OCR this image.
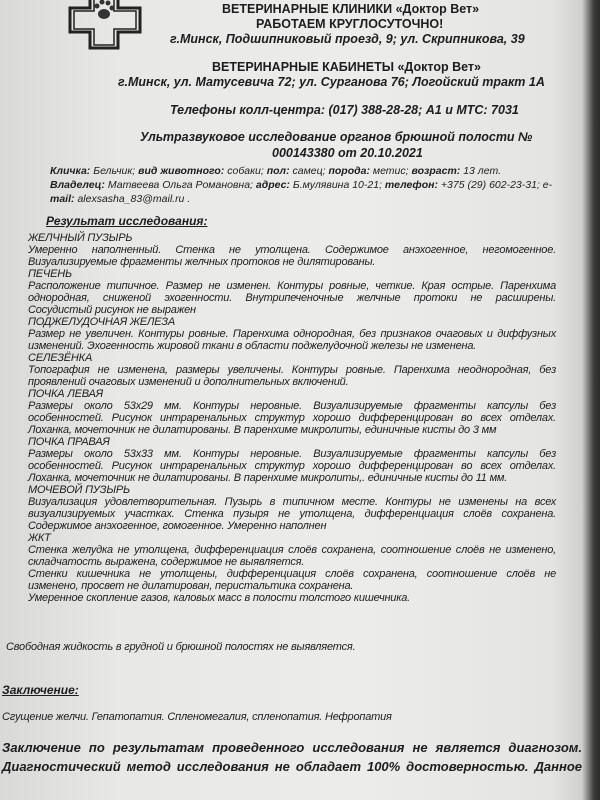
ВЕТЕРИНАРНЫЕ КЛИНИКИ «Доктор Вет»
РАБОТАЕМ КРУГЛОСУТОЧНО!
г.Минск, Подшипниковый проезд, 9; ул. Скрипникова, 39
ВЕТЕРИНАРНЫЕ КАБИНЕТЫ «Доктор Вет»
г.Минск, ул. Матусевича 72; ул. Сурганова 76; Логойский тракт 1А
Телефоны колл-центра: (017) 388-28-28; А1 и МТС: 7031
Ультразвуковое исследование органов брюшной полости №
000143380 от 20.10.2021
Кличка: Бельчик; вид животного: собаки; пол: самец; порода: метис; возраст: 13 лет.
Владелец: Матвеева Ольга Романовна; адрес: Б.мулявина 10-21; телефон: +375 (29) 602-23-31; e-
mail: alexsasha_83@mail.ru .
Результат исследования:
ЖЕЛЧНЫЙ ПУЗЫРЬ
Умеренно наполненный. Стенка не утолщена. Содержимое анэхогенное, негомогенное.
Визуализируемые фрагменты желчных протоков не дилятированы.
ПЕЧЕНЬ
Расположение типичное. Размер не изменен. Контуры ровные, четкие. Края острые. Паренхима
однородная, сниженой эхогенности. Внутрипеченочные желчные протоки не расширены.
Сосудистый рисунок не выражен
ПОДЖЕЛУДОЧНАЯ ЖЕЛЕЗА
Размер не увеличен. Контуры ровные. Паренхима однородная, без признаков очаговых и диффузных
изменений. Эхогенность жировой ткани в области поджелудочной железы не изменена.
СЕЛЕЗЁНКА
Топография не изменена, размеры увеличены. Контуры ровные. Паренхима неоднородная, без
проявлений очаговых изменений и дополнительных включений.
ПОЧКА ЛЕВАЯ
Размеры около 53x29 мм. Контуры неровные. Визуализируемые фрагменты капсулы без
особенностей. Рисунок интраренальных структур хорошо дифференцирован во всех отделах.
Лоханка, мочеточник не дилатированы. В паренхиме микролиты, единичные кисты до 3 мм
ПОЧКА ПРАВАЯ
Размеры около 53x33 мм. Контуры неровные. Визуализируемые фрагменты капсулы без
особенностей. Рисунок интраренальных структур хорошо дифференцирован во всех отделах.
Лоханка, мочеточник не дилатированы. В паренхиме микролиты,. единичные кисты до 11 мм.
МОЧЕВОЙ ПУЗЫРЬ
Визуализация удовлетворительная. Пузырь в типичном месте. Контуры не изменены на всех
визуализируемых участках. Стенка пузыря не утолщена, дифференциация слоёв сохранена.
Содержимое анэхогенное, гомогенное. Умеренно наполнен
ЖКТ
Стенка желудка не утолщена, дифференциация слоёв сохранена, соотношение слоёв не изменено,
складчатость выражена, содержимое не выявляется.
Стенки кишечника не утолщены, дифференциация слоёв сохранена, соотношение слоёв не
изменено, просвет не дилатирован, перистальтика сохранена.
Умеренное скопление газов, каловых масс в полости толстого кишечника.
Свободная жидкость в грудной и брюшной полостях не выявляется.
Заключение:
Сгущение желчи. Гепатопатия. Спленомегалия, спленопатия. Нефропатия
Заключение по результатам проведенного исследования не является диагнозом.
Диагностический метод исследования не обладает 100% достоверностью. Данное
